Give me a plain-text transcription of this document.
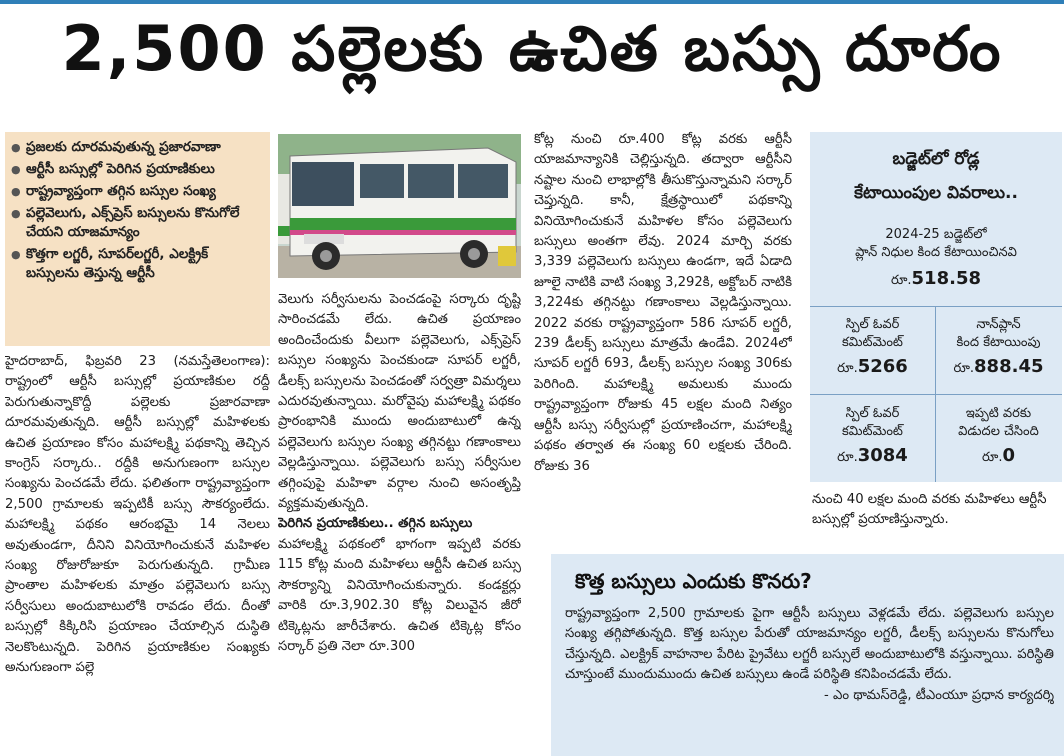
2,500 పల్లెలకు ఉచిత బస్సు దూరం
● ప్రజలకు దూరమవుతున్న ప్రజారవాణా
● ఆర్టీసీ బస్సుల్లో పెరిగిన ప్రయాణికులు
● రాష్ట్రవ్యాప్తంగా తగ్గిన బస్సుల సంఖ్య
● పల్లెవెలుగు, ఎక్స్‌ప్రెస్ బస్సులను కొనుగోలే చేయని యాజమాన్యం
● కొత్తగా లగ్జరీ, సూపర్‌లగ్జరీ, ఎలక్ట్రిక్ బస్సులను తెస్తున్న ఆర్టీసీ

హైదరాబాద్, ఫిబ్రవరి 23 (నమస్తేతెలంగాణ): రాష్ట్రంలో ఆర్టీసీ బస్సుల్లో ప్రయాణికుల రద్దీ పెరుగుతున్నాకొద్దీ పల్లెలకు ప్రజారవాణా దూరమవుతున్నది. ఆర్టీసీ బస్సుల్లో మహిళలకు ఉచిత ప్రయాణం కోసం మహాలక్ష్మి పథకాన్ని తెచ్చిన కాంగ్రెస్ సర్కారు.. రద్దీకి అనుగుణంగా బస్సుల సంఖ్యను పెంచడమే లేదు. ఫలితంగా రాష్ట్రవ్యాప్తంగా 2,500 గ్రామాలకు ఇప్పటికీ బస్సు సౌకర్యంలేదు. మహాలక్ష్మి పథకం ఆరంభమై 14 నెలలు అవుతుండగా, దీనిని వినియోగించుకునే మహిళల సంఖ్య రోజురోజుకూ పెరుగుతున్నది. గ్రామీణ ప్రాంతాల మహిళలకు మాత్రం పల్లెవెలుగు బస్సు సర్వీసులు అందుబాటులోకి రావడం లేదు. దీంతో బస్సుల్లో కిక్కిరిసి ప్రయాణం చేయాల్సిన దుస్థితి నెలకొంటున్నది. పెరిగిన ప్రయాణికుల సంఖ్యకు అనుగుణంగా పల్లె

వెలుగు సర్వీసులను పెంచడంపై సర్కారు దృష్టి సారించడమే లేదు. ఉచిత ప్రయాణం అందించేందుకు వీలుగా పల్లెవెలుగు, ఎక్స్‌ప్రెస్ బస్సుల సంఖ్యను పెంచకుండా సూపర్ లగ్జరీ, డీలక్స్ బస్సులను పెంచడంతో సర్వత్రా విమర్శలు ఎదురవుతున్నాయి. మరోవైపు మహాలక్ష్మి పథకం ప్రారంభానికి ముందు అందుబాటులో ఉన్న పల్లెవెలుగు బస్సుల సంఖ్య తగ్గినట్టు గణాంకాలు వెల్లడిస్తున్నాయి. పల్లెవెలుగు బస్సు సర్వీసుల తగ్గింపుపై మహిళా వర్గాల నుంచి అసంతృప్తి వ్యక్తమవుతున్నది.

పెరిగిన ప్రయాణికులు.. తగ్గిన బస్సులు

మహాలక్ష్మి పథకంలో భాగంగా ఇప్పటి వరకు 115 కోట్ల మంది మహిళలు ఆర్టీసీ ఉచిత బస్సు సౌకర్యాన్ని వినియోగించుకున్నారు. కండక్టర్లు వారికి రూ.3,902.30 కోట్ల విలువైన జీరో టిక్కెట్లను జారీచేశారు. ఉచిత టిక్కెట్ల కోసం సర్కార్ ప్రతి నెలా రూ.300

కోట్ల నుంచి రూ.400 కోట్ల వరకు ఆర్టీసీ యాజమాన్యానికి చెల్లిస్తున్నది. తద్వారా ఆర్టీసీని నష్టాల నుంచి లాభాల్లోకి తీసుకొస్తున్నామని సర్కార్ చెప్తున్నది. కానీ, క్షేత్రస్థాయిలో పథకాన్ని వినియోగించుకునే మహిళల కోసం పల్లెవెలుగు బస్సులు అంతగా లేవు. 2024 మార్చి వరకు 3,339 పల్లెవెలుగు బస్సులు ఉండగా, ఇదే ఏడాది జూలై నాటికి వాటి సంఖ్య 3,292కి, అక్టోబర్ నాటికి 3,224కు తగ్గినట్టు గణాంకాలు వెల్లడిస్తున్నాయి. 2022 వరకు రాష్ట్రవ్యాప్తంగా 586 సూపర్ లగ్జరీ, 239 డీలక్స్ బస్సులు మాత్రమే ఉండేవి. 2024లో సూపర్ లగ్జరీ 693, డీలక్స్ బస్సుల సంఖ్య 306కు పెరిగింది. మహాలక్ష్మి అమలుకు ముందు రాష్ట్రవ్యాప్తంగా రోజుకు 45 లక్షల మంది నిత్యం ఆర్టీసీ బస్సు సర్వీసుల్లో ప్రయాణించగా, మహాలక్ష్మి పథకం తర్వాత ఈ సంఖ్య 60 లక్షలకు చేరింది. రోజుకు 36

బడ్జెట్‌లో రోడ్ల
కేటాయింపుల వివరాలు..
2024-25 బడ్జెట్‌లో
ప్లాన్ నిధుల కింద కేటాయించినవి
రూ.518.58
స్పిల్ ఓవర్
కమిట్‌మెంట్
రూ.5266
నాన్‌ప్లాన్
కింద కేటాయింపు
రూ.888.45
స్పిల్ ఓవర్
కమిట్‌మెంట్
రూ.3084
ఇప్పటి వరకు
విడుదల చేసింది
రూ.0
నుంచి 40 లక్షల మంది వరకు మహిళలు ఆర్టీసీ బస్సుల్లో ప్రయాణిస్తున్నారు.
కొత్త బస్సులు ఎందుకు కొనరు?
రాష్ట్రవ్యాప్తంగా 2,500 గ్రామాలకు పైగా ఆర్టీసీ బస్సులు వెళ్లడమే లేదు. పల్లెవెలుగు బస్సుల సంఖ్య తగ్గిపోతున్నది. కొత్త బస్సుల పేరుతో యాజమాన్యం లగ్జరీ, డీలక్స్ బస్సులను కొనుగోలు చేస్తున్నది. ఎలక్ట్రిక్ వాహనాల పేరిట ప్రైవేటు లగ్జరీ బస్సులే అందుబాటులోకి వస్తున్నాయి. పరిస్థితి చూస్తుంటే ముందుముందు ఉచిత బస్సులు ఉండే పరిస్థితి కనిపించడమే లేదు.
- ఎం థామస్‌రెడ్డి, టీఎంయూ ప్రధాన కార్యదర్శి
